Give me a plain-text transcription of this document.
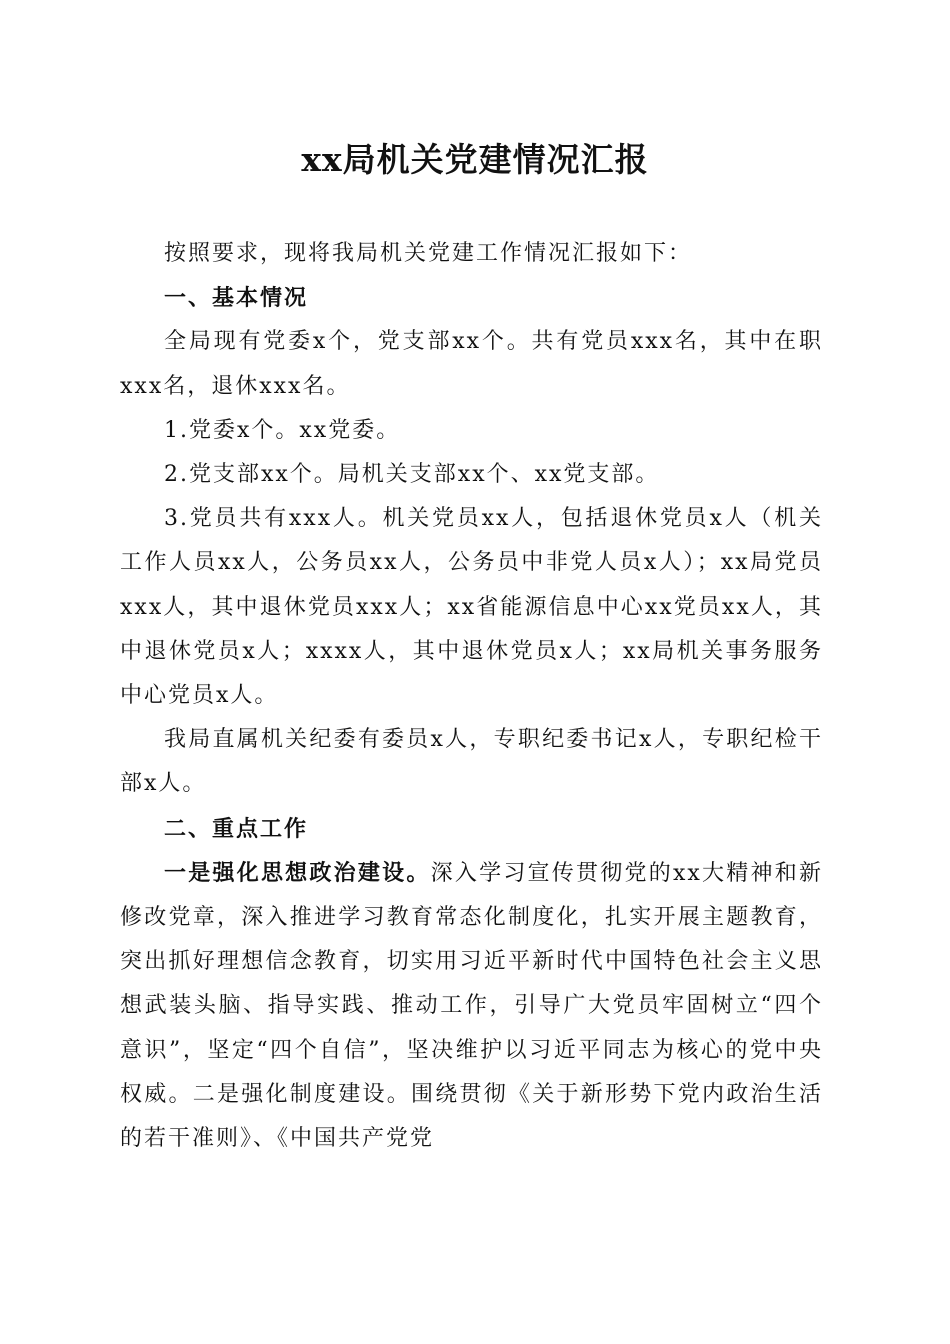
xx局机关党建情况汇报

按照要求，现将我局机关党建工作情况汇报如下：

一、基本情况

全局现有党委x个，党支部xx个。共有党员xxx名，其中在职xxx名，退休xxx名。

1.党委x个。xx党委。

2.党支部xx个。局机关支部xx个、xx党支部。

3.党员共有xxx人。机关党员xx人，包括退休党员x人（机关工作人员xx人，公务员xx人，公务员中非党人员x人）；xx局党员xxx人，其中退休党员xxx人；xx省能源信息中心xx党员xx人，其中退休党员x人；xxxx人，其中退休党员x人；xx局机关事务服务中心党员x人。

我局直属机关纪委有委员x人，专职纪委书记x人，专职纪检干部x人。

二、重点工作

一是强化思想政治建设。深入学习宣传贯彻党的xx大精神和新修改党章，深入推进学习教育常态化制度化，扎实开展主题教育，突出抓好理想信念教育，切实用习近平新时代中国特色社会主义思想武装头脑、指导实践、推动工作，引导广大党员牢固树立“四个意识”，坚定“四个自信”，坚决维护以习近平同志为核心的党中央权威。二是强化制度建设。围绕贯彻《关于新形势下党内政治生活的若干准则》、《中国共产党党
